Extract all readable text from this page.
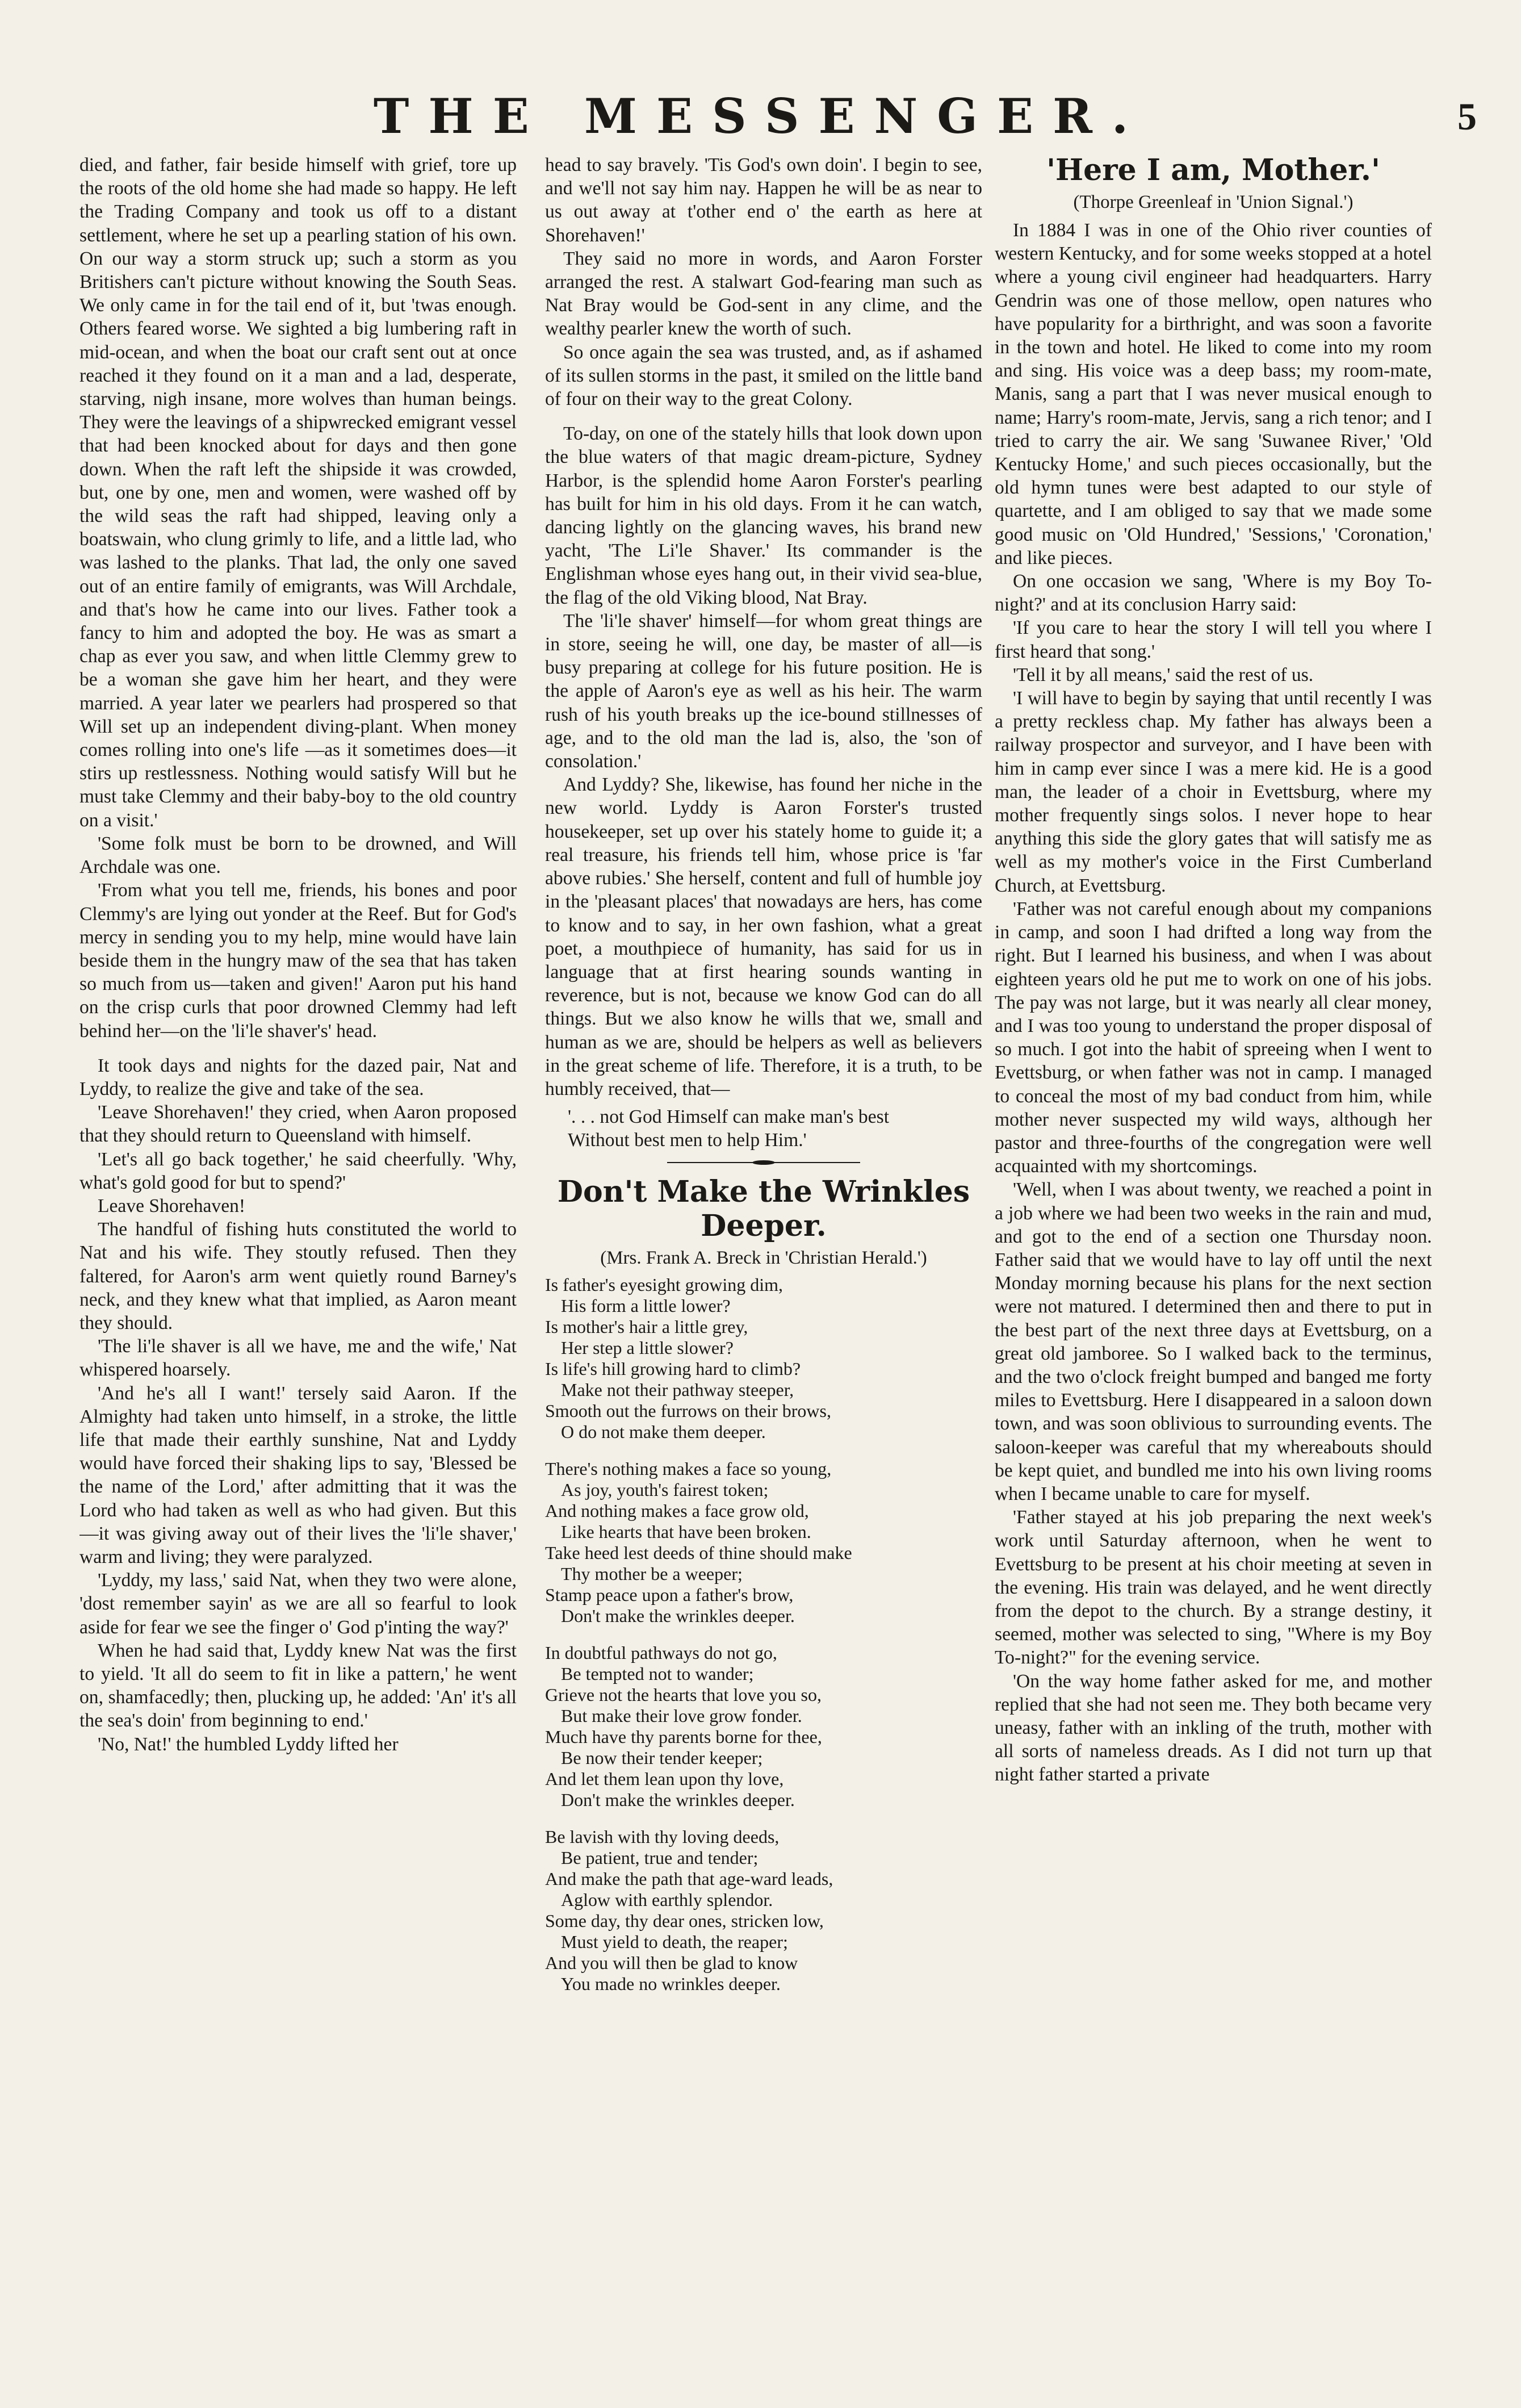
THE MESSENGER.	5

died, and father, fair beside himself with grief, tore up the roots of the old home she had made so happy. He left the Trading Company and took us off to a distant settlement, where he set up a pearling station of his own. On our way a storm struck up; such a storm as you Britishers can't picture without knowing the South Seas. We only came in for the tail end of it, but 'twas enough. Others feared worse. We sighted a big lumbering raft in mid-ocean, and when the boat our craft sent out at once reached it they found on it a man and a lad, desperate, starving, nigh insane, more wolves than human beings. They were the leavings of a shipwrecked emigrant vessel that had been knocked about for days and then gone down. When the raft left the shipside it was crowded, but, one by one, men and women, were washed off by the wild seas the raft had shipped, leaving only a boatswain, who clung grimly to life, and a little lad, who was lashed to the planks. That lad, the only one saved out of an entire family of emigrants, was Will Archdale, and that's how he came into our lives. Father took a fancy to him and adopted the boy. He was as smart a chap as ever you saw, and when little Clemmy grew to be a woman she gave him her heart, and they were married. A year later we pearlers had prospered so that Will set up an independent diving-plant. When money comes rolling into one's life —as it sometimes does—it stirs up restlessness. Nothing would satisfy Will but he must take Clemmy and their baby-boy to the old country on a visit.'

'Some folk must be born to be drowned, and Will Archdale was one.

'From what you tell me, friends, his bones and poor Clemmy's are lying out yonder at the Reef. But for God's mercy in sending you to my help, mine would have lain beside them in the hungry maw of the sea that has taken so much from us—taken and given!' Aaron put his hand on the crisp curls that poor drowned Clemmy had left behind her—on the 'li'le shaver's' head.

It took days and nights for the dazed pair, Nat and Lyddy, to realize the give and take of the sea.

'Leave Shorehaven!' they cried, when Aaron proposed that they should return to Queensland with himself.

'Let's all go back together,' he said cheerfully. 'Why, what's gold good for but to spend?'

Leave Shorehaven!

The handful of fishing huts constituted the world to Nat and his wife. They stoutly refused. Then they faltered, for Aaron's arm went quietly round Barney's neck, and they knew what that implied, as Aaron meant they should.

'The li'le shaver is all we have, me and the wife,' Nat whispered hoarsely.

'And he's all I want!' tersely said Aaron. If the Almighty had taken unto himself, in a stroke, the little life that made their earthly sunshine, Nat and Lyddy would have forced their shaking lips to say, 'Blessed be the name of the Lord,' after admitting that it was the Lord who had taken as well as who had given. But this—it was giving away out of their lives the 'li'le shaver,' warm and living; they were paralyzed.

'Lyddy, my lass,' said Nat, when they two were alone, 'dost remember sayin' as we are all so fearful to look aside for fear we see the finger o' God p'inting the way?'

When he had said that, Lyddy knew Nat was the first to yield. 'It all do seem to fit in like a pattern,' he went on, shamfacedly; then, plucking up, he added: 'An' it's all the sea's doin' from beginning to end.'

'No, Nat!' the humbled Lyddy lifted her

head to say bravely. 'Tis God's own doin'. I begin to see, and we'll not say him nay. Happen he will be as near to us out away at t'other end o' the earth as here at Shorehaven!'

They said no more in words, and Aaron Forster arranged the rest. A stalwart God-fearing man such as Nat Bray would be God-sent in any clime, and the wealthy pearler knew the worth of such.

So once again the sea was trusted, and, as if ashamed of its sullen storms in the past, it smiled on the little band of four on their way to the great Colony.

To-day, on one of the stately hills that look down upon the blue waters of that magic dream-picture, Sydney Harbor, is the splendid home Aaron Forster's pearling has built for him in his old days. From it he can watch, dancing lightly on the glancing waves, his brand new yacht, 'The Li'le Shaver.' Its commander is the Englishman whose eyes hang out, in their vivid sea-blue, the flag of the old Viking blood, Nat Bray.

The 'li'le shaver' himself—for whom great things are in store, seeing he will, one day, be master of all—is busy preparing at college for his future position. He is the apple of Aaron's eye as well as his heir. The warm rush of his youth breaks up the ice-bound stillnesses of age, and to the old man the lad is, also, the 'son of consolation.'

And Lyddy? She, likewise, has found her niche in the new world. Lyddy is Aaron Forster's trusted housekeeper, set up over his stately home to guide it; a real treasure, his friends tell him, whose price is 'far above rubies.' She herself, content and full of humble joy in the 'pleasant places' that nowadays are hers, has come to know and to say, in her own fashion, what a great poet, a mouthpiece of humanity, has said for us in language that at first hearing sounds wanting in reverence, but is not, because we know God can do all things. But we also know he wills that we, small and human as we are, should be helpers as well as believers in the great scheme of life. Therefore, it is a truth, to be humbly received, that—

'. . . not God Himself can make man's best
Without best men to help Him.'
Don't Make the Wrinkles Deeper.
(Mrs. Frank A. Breck in 'Christian Herald.')
Is father's eyesight growing dim,
His form a little lower?
Is mother's hair a little grey,
Her step a little slower?
Is life's hill growing hard to climb?
Make not their pathway steeper,
Smooth out the furrows on their brows,
O do not make them deeper.
There's nothing makes a face so young,
As joy, youth's fairest token;
And nothing makes a face grow old,
Like hearts that have been broken.
Take heed lest deeds of thine should make
Thy mother be a weeper;
Stamp peace upon a father's brow,
Don't make the wrinkles deeper.
In doubtful pathways do not go,
Be tempted not to wander;
Grieve not the hearts that love you so,
But make their love grow fonder.
Much have thy parents borne for thee,
Be now their tender keeper;
And let them lean upon thy love,
Don't make the wrinkles deeper.
Be lavish with thy loving deeds,
Be patient, true and tender;
And make the path that age-ward leads,
Aglow with earthly splendor.
Some day, thy dear ones, stricken low,
Must yield to death, the reaper;
And you will then be glad to know
You made no wrinkles deeper.
'Here I am, Mother.'
(Thorpe Greenleaf in 'Union Signal.')

In 1884 I was in one of the Ohio river counties of western Kentucky, and for some weeks stopped at a hotel where a young civil engineer had headquarters. Harry Gendrin was one of those mellow, open natures who have popularity for a birthright, and was soon a favorite in the town and hotel. He liked to come into my room and sing. His voice was a deep bass; my room-mate, Manis, sang a part that I was never musical enough to name; Harry's room-mate, Jervis, sang a rich tenor; and I tried to carry the air. We sang 'Suwanee River,' 'Old Kentucky Home,' and such pieces occasionally, but the old hymn tunes were best adapted to our style of quartette, and I am obliged to say that we made some good music on 'Old Hundred,' 'Sessions,' 'Coronation,' and like pieces.

On one occasion we sang, 'Where is my Boy To-night?' and at its conclusion Harry said:

'If you care to hear the story I will tell you where I first heard that song.'

'Tell it by all means,' said the rest of us.

'I will have to begin by saying that until recently I was a pretty reckless chap. My father has always been a railway prospector and surveyor, and I have been with him in camp ever since I was a mere kid. He is a good man, the leader of a choir in Evettsburg, where my mother frequently sings solos. I never hope to hear anything this side the glory gates that will satisfy me as well as my mother's voice in the First Cumberland Church, at Evettsburg.

'Father was not careful enough about my companions in camp, and soon I had drifted a long way from the right. But I learned his business, and when I was about eighteen years old he put me to work on one of his jobs. The pay was not large, but it was nearly all clear money, and I was too young to understand the proper disposal of so much. I got into the habit of spreeing when I went to Evettsburg, or when father was not in camp. I managed to conceal the most of my bad conduct from him, while mother never suspected my wild ways, although her pastor and three-fourths of the congregation were well acquainted with my shortcomings.

'Well, when I was about twenty, we reached a point in a job where we had been two weeks in the rain and mud, and got to the end of a section one Thursday noon. Father said that we would have to lay off until the next Monday morning because his plans for the next section were not matured. I determined then and there to put in the best part of the next three days at Evettsburg, on a great old jamboree. So I walked back to the terminus, and the two o'clock freight bumped and banged me forty miles to Evettsburg. Here I disappeared in a saloon down town, and was soon oblivious to surrounding events. The saloon-keeper was careful that my whereabouts should be kept quiet, and bundled me into his own living rooms when I became unable to care for myself.

'Father stayed at his job preparing the next week's work until Saturday afternoon, when he went to Evettsburg to be present at his choir meeting at seven in the evening. His train was delayed, and he went directly from the depot to the church. By a strange destiny, it seemed, mother was selected to sing, "Where is my Boy To-night?" for the evening service.

'On the way home father asked for me, and mother replied that she had not seen me. They both became very uneasy, father with an inkling of the truth, mother with all sorts of nameless dreads. As I did not turn up that night father started a private
